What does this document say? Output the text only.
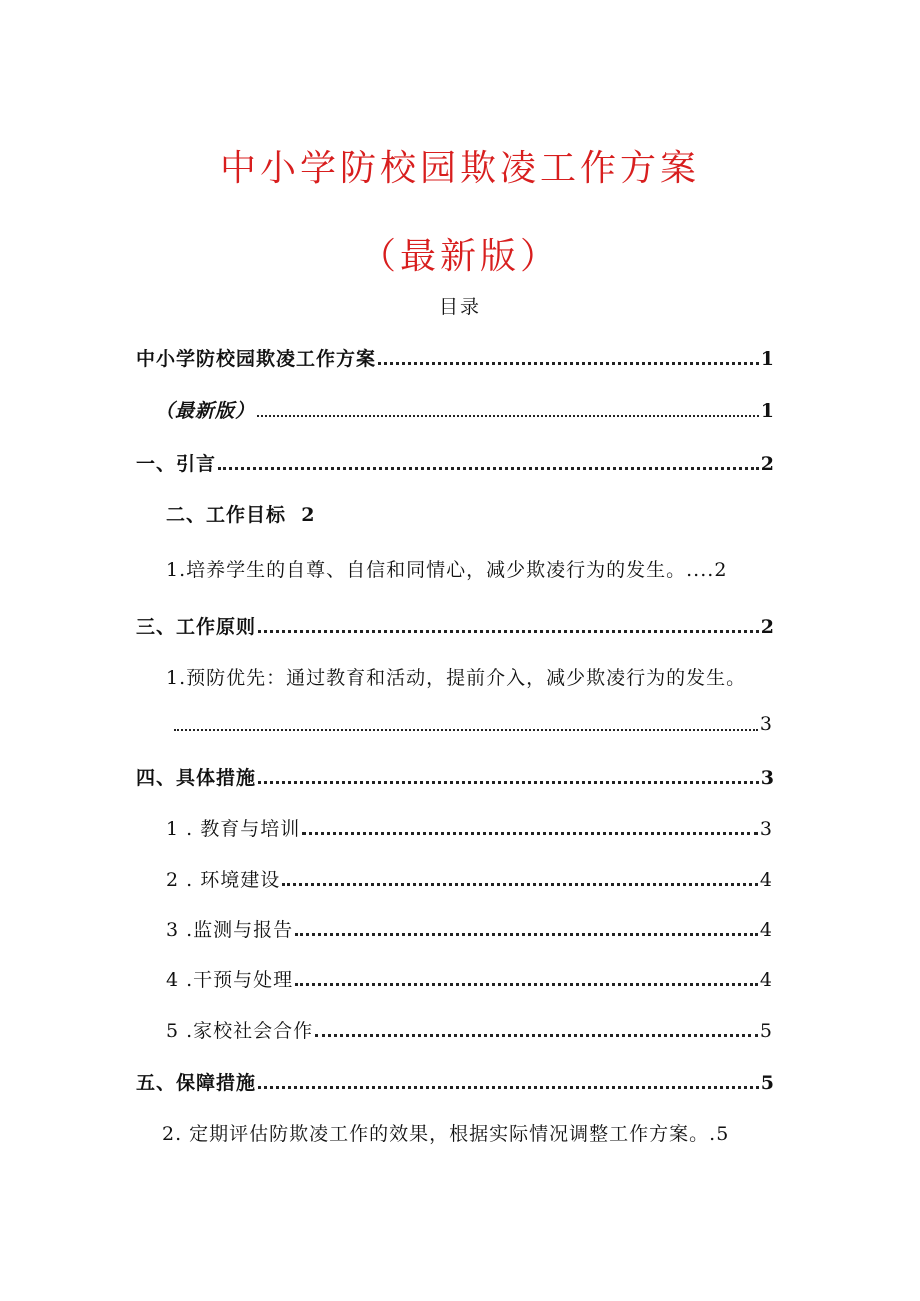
中小学防校园欺凌工作方案
（最新版）
目录
中小学防校园欺凌工作方案	1
（最新版）	1
一、引言	2
二、工作目标 2
1.培养学生的自尊、自信和同情心，减少欺凌行为的发生。....2
三、工作原则	2
1.预防优先：通过教育和活动，提前介入，减少欺凌行为的发生。
3
四、具体措施	3
1 . 教育与培训	3
2 . 环境建设	4
3 .监测与报告	4
4 .干预与处理	4
5 .家校社会合作	5
五、保障措施	5
2. 定期评估防欺凌工作的效果，根据实际情况调整工作方案。.5
